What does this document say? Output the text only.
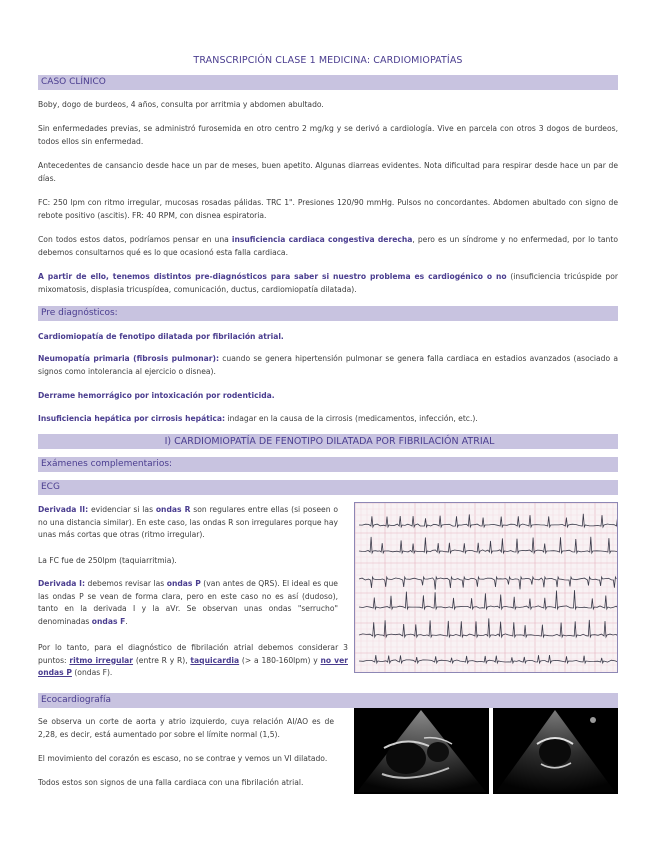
TRANSCRIPCIÓN CLASE 1 MEDICINA: CARDIOMIOPATÍAS
CASO CLÍNICO
Boby, dogo de burdeos, 4 años, consulta por arritmia y abdomen abultado.
Sin enfermedades previas, se administró furosemida en otro centro 2 mg/kg y se derivó a cardiología. Vive en parcela con otros 3 dogos de burdeos, todos ellos sin enfermedad.
Antecedentes de cansancio desde hace un par de meses, buen apetito. Algunas diarreas evidentes. Nota dificultad para respirar desde hace un par de días.
FC: 250 lpm con ritmo irregular, mucosas rosadas pálidas. TRC 1". Presiones 120/90 mmHg. Pulsos no concordantes. Abdomen abultado con signo de rebote positivo (ascitis). FR: 40 RPM, con disnea espiratoria.
Con todos estos datos, podríamos pensar en una insuficiencia cardiaca congestiva derecha, pero es un síndrome y no enfermedad, por lo tanto debemos consultarnos qué es lo que ocasionó esta falla cardiaca.
A partir de ello, tenemos distintos pre-diagnósticos para saber si nuestro problema es cardiogénico o no (insuficiencia tricúspide por mixomatosis, displasia tricuspídea, comunicación, ductus, cardiomiopatía dilatada).
Pre diagnósticos:
Cardiomiopatía de fenotipo dilatada por fibrilación atrial.
Neumopatía primaria (fibrosis pulmonar): cuando se genera hipertensión pulmonar se genera falla cardiaca en estadios avanzados (asociado a signos como intolerancia al ejercicio o disnea).
Derrame hemorrágico por intoxicación por rodenticida.
Insuficiencia hepática por cirrosis hepática: indagar en la causa de la cirrosis (medicamentos, infección, etc.).
I) CARDIOMIOPATÍA DE FENOTIPO DILATADA POR FIBRILACIÓN ATRIAL
Exámenes complementarios:
ECG
Derivada II: evidenciar si las ondas R son regulares entre ellas (si poseen o no una distancia similar). En este caso, las ondas R son irregulares porque hay unas más cortas que otras (ritmo irregular).
La FC fue de 250lpm (taquiarritmia).
Derivada I: debemos revisar las ondas P (van antes de QRS). El ideal es que las ondas P se vean de forma clara, pero en este caso no es así (dudoso), tanto en la derivada I y la aVr. Se observan unas ondas "serrucho" denominadas ondas F.
Por lo tanto, para el diagnóstico de fibrilación atrial debemos considerar 3 puntos: ritmo irregular (entre R y R), taquicardia (> a 180-160lpm) y no ver ondas P (ondas F).
Ecocardiografía
Se observa un corte de aorta y atrio izquierdo, cuya relación AI/AO es de 2,28, es decir, está aumentado por sobre el límite normal (1,5).
El movimiento del corazón es escaso, no se contrae y vemos un VI dilatado.
Todos estos son signos de una falla cardiaca con una fibrilación atrial.
